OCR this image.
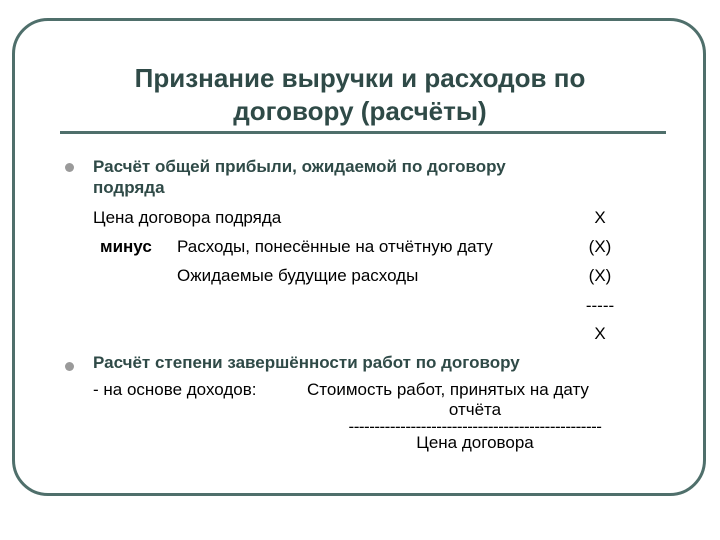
Признание выручки и расходов по
договору (расчёты)
Расчёт общей прибыли, ожидаемой по договору
подряда
Цена договора подряда	X
минус Расходы, понесённые на отчётную дату	(X)
Ожидаемые будущие расходы	(X)
-----
X
Расчёт степени завершённости работ по договору
- на основе доходов:	Стоимость работ, принятых на дату
отчёта
-------------------------------------------------
Цена договора
